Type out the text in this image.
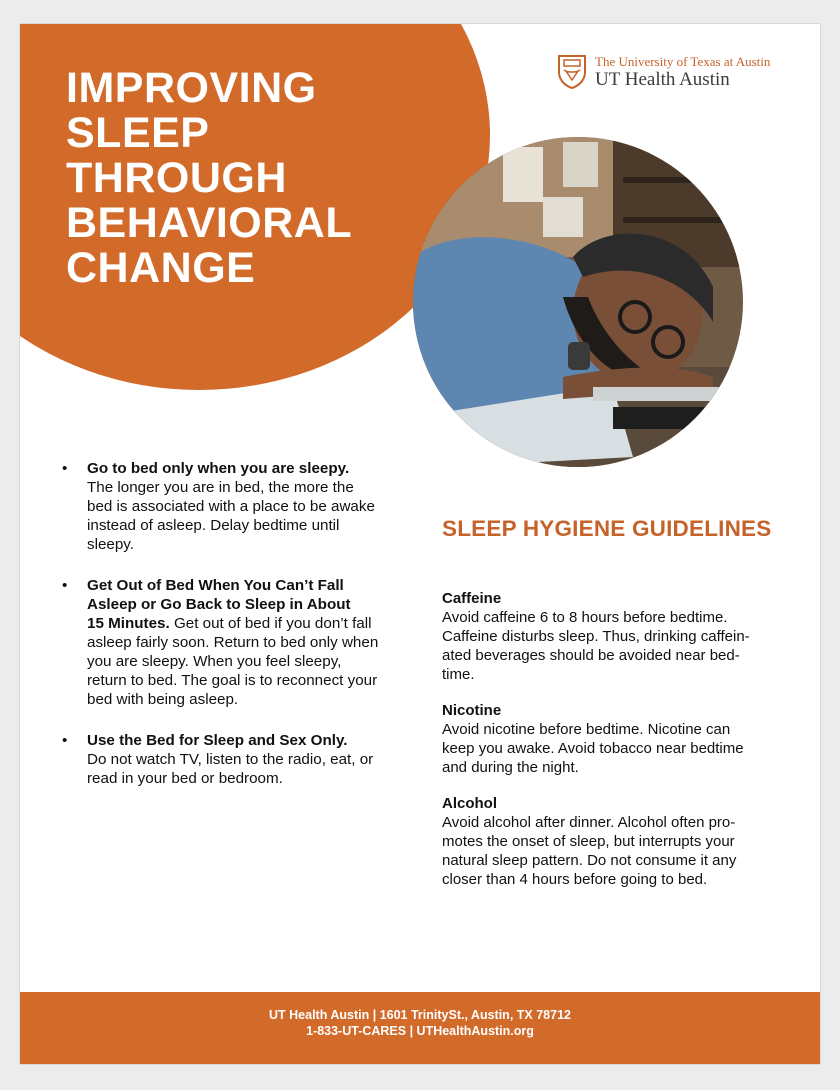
IMPROVING
SLEEP
THROUGH
BEHAVIORAL
CHANGE
The University of Texas at Austin
UT Health Austin
• Go to bed only when you are sleepy.
The longer you are in bed, the more the
bed is associated with a place to be awake
instead of asleep. Delay bedtime until
sleepy.
• Get Out of Bed When You Can’t Fall
Asleep or Go Back to Sleep in About
15 Minutes. Get out of bed if you don’t fall
asleep fairly soon. Return to bed only when
you are sleepy. When you feel sleepy,
return to bed. The goal is to reconnect your
bed with being asleep.
• Use the Bed for Sleep and Sex Only.
Do not watch TV, listen to the radio, eat, or
read in your bed or bedroom.
SLEEP HYGIENE GUIDELINES
Caffeine
Avoid caffeine 6 to 8 hours before bedtime.
Caffeine disturbs sleep. Thus, drinking caffein-
ated beverages should be avoided near bed-
time.
Nicotine
Avoid nicotine before bedtime. Nicotine can
keep you awake. Avoid tobacco near bedtime
and during the night.
Alcohol
Avoid alcohol after dinner. Alcohol often pro-
motes the onset of sleep, but interrupts your
natural sleep pattern. Do not consume it any
closer than 4 hours before going to bed.
UT Health Austin | 1601 TrinitySt., Austin, TX 78712
1-833-UT-CARES | UTHealthAustin.org
